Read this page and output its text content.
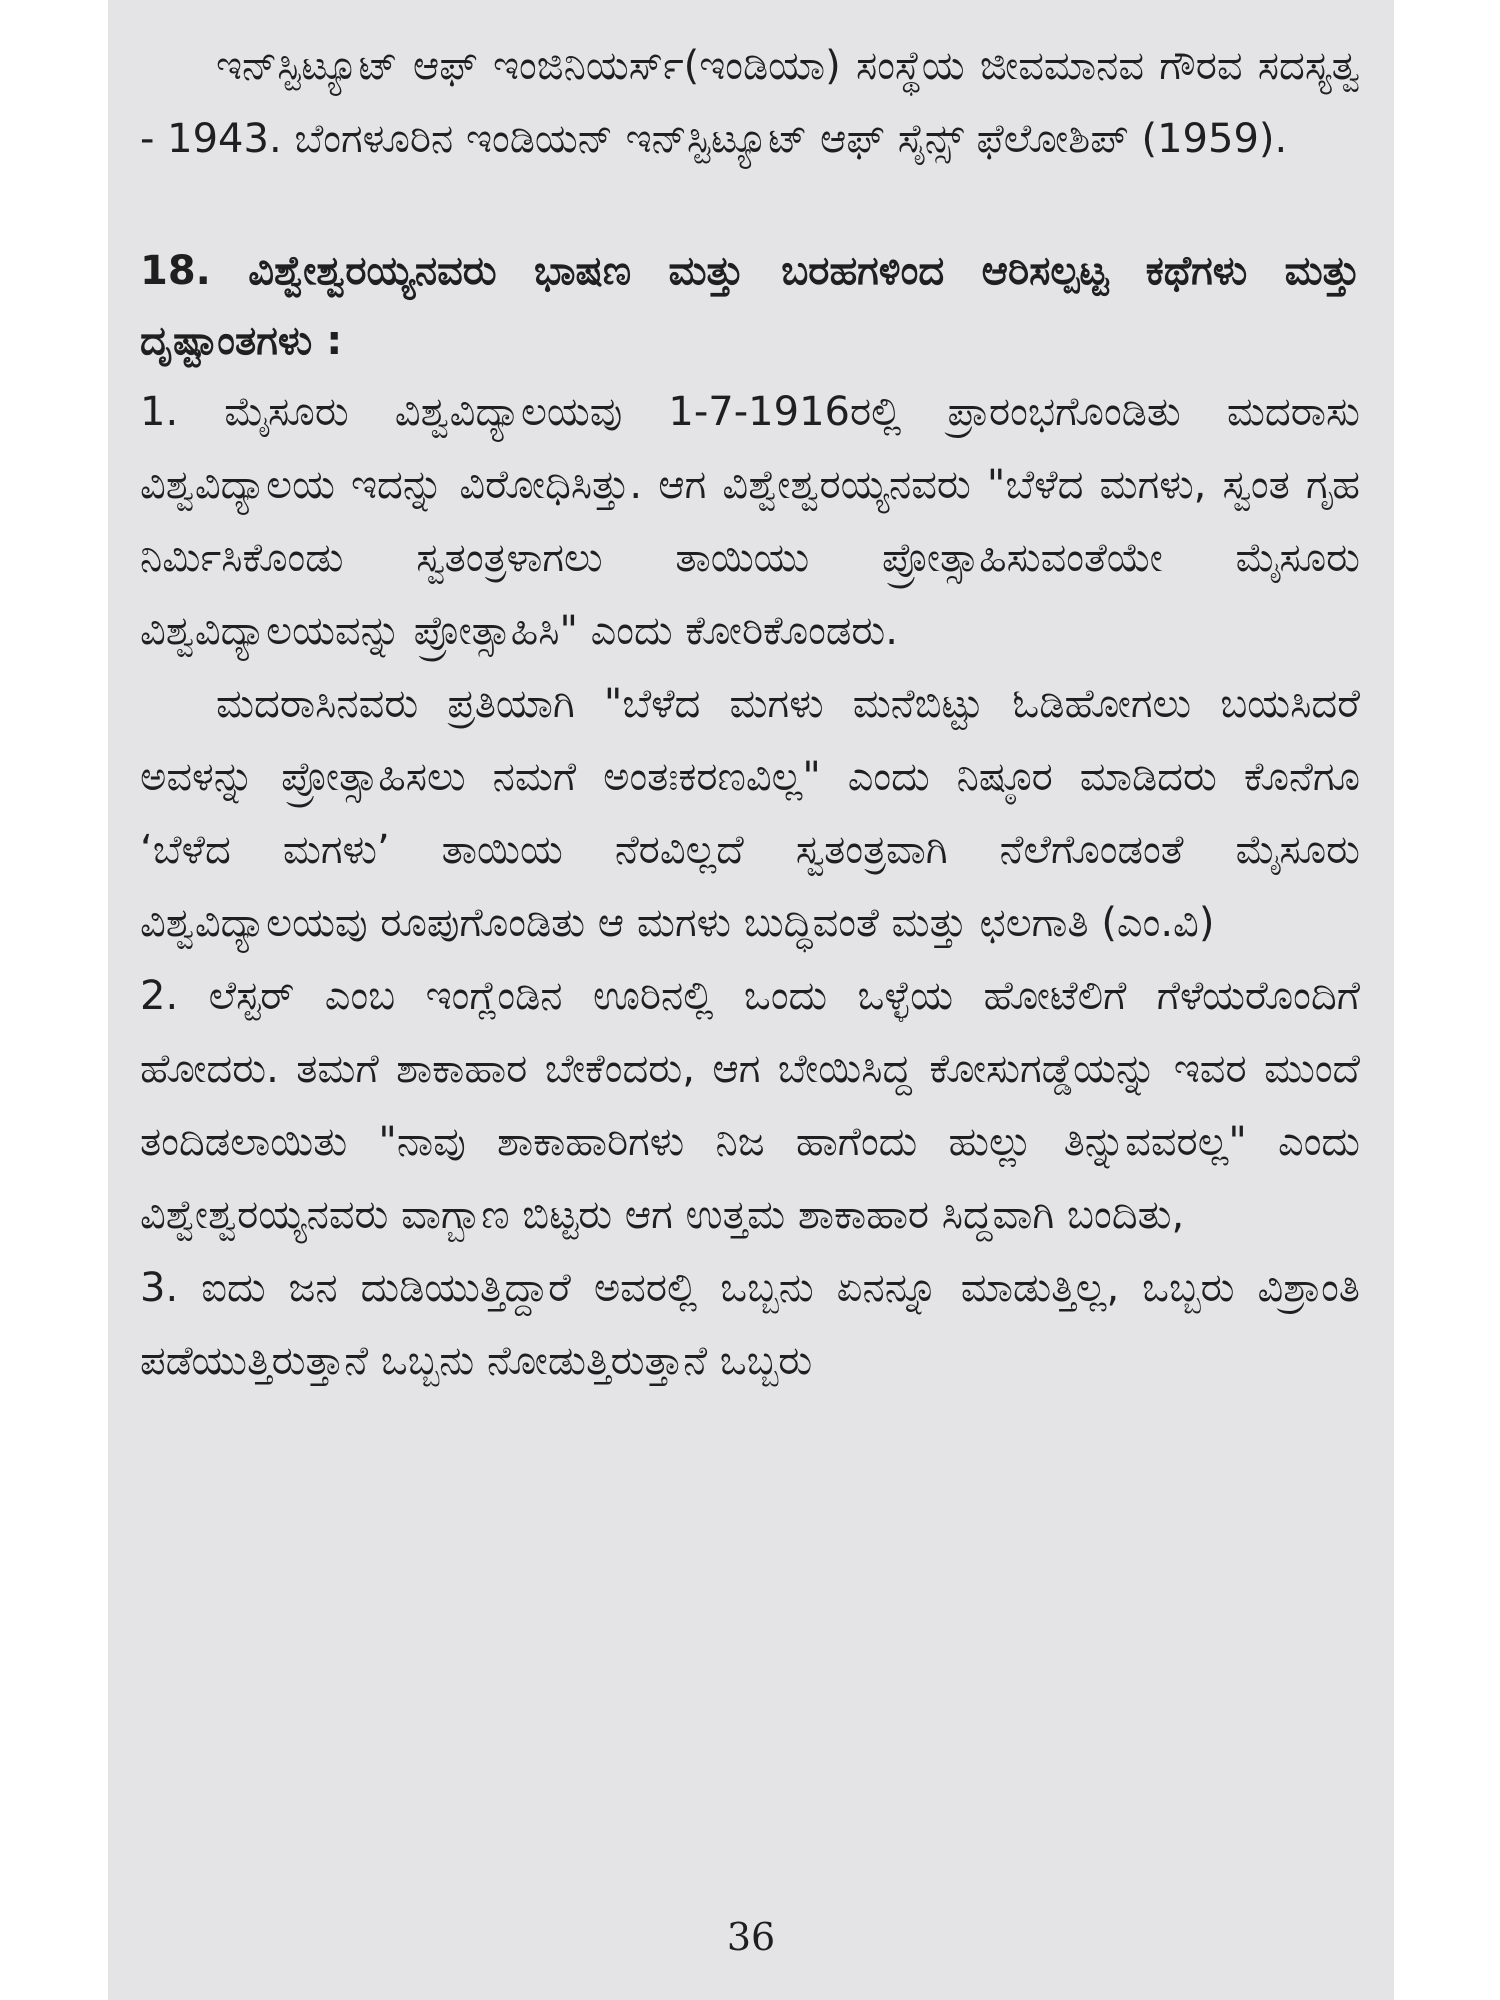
ಇನ್‌ಸ್ಟಿಟ್ಯೂಟ್ ಆಫ್ ಇಂಜಿನಿಯರ್ಸ್(ಇಂಡಿಯಾ) ಸಂಸ್ಥೆಯ ಜೀವಮಾನವ ಗೌರವ ಸದಸ್ಯತ್ವ - 1943. ಬೆಂಗಳೂರಿನ ಇಂಡಿಯನ್ ಇನ್‌ಸ್ಟಿಟ್ಯೂಟ್ ಆಫ್ ಸೈನ್ಸ್ ಫೆಲೋಶಿಪ್ (1959).

18. ವಿಶ್ವೇಶ್ವರಯ್ಯನವರು ಭಾಷಣ ಮತ್ತು ಬರಹಗಳಿಂದ ಆರಿಸಲ್ಪಟ್ಟ ಕಥೆಗಳು ಮತ್ತು ದೃಷ್ಟಾಂತಗಳು :

1. ಮೈಸೂರು ವಿಶ್ವವಿದ್ಯಾಲಯವು 1-7-1916ರಲ್ಲಿ ಪ್ರಾರಂಭಗೊಂಡಿತು ಮದರಾಸು ವಿಶ್ವವಿದ್ಯಾಲಯ ಇದನ್ನು ವಿರೋಧಿಸಿತ್ತು. ಆಗ ವಿಶ್ವೇಶ್ವರಯ್ಯನವರು "ಬೆಳೆದ ಮಗಳು, ಸ್ವಂತ ಗೃಹ ನಿರ್ಮಿಸಿಕೊಂಡು ಸ್ವತಂತ್ರಳಾಗಲು ತಾಯಿಯು ಪ್ರೋತ್ಸಾಹಿಸುವಂತೆಯೇ ಮೈಸೂರು ವಿಶ್ವವಿದ್ಯಾಲಯವನ್ನು ಪ್ರೋತ್ಸಾಹಿಸಿ" ಎಂದು ಕೋರಿಕೊಂಡರು.

ಮದರಾಸಿನವರು ಪ್ರತಿಯಾಗಿ "ಬೆಳೆದ ಮಗಳು ಮನೆಬಿಟ್ಟು ಓಡಿಹೋಗಲು ಬಯಸಿದರೆ ಅವಳನ್ನು ಪ್ರೋತ್ಸಾಹಿಸಲು ನಮಗೆ ಅಂತಃಕರಣವಿಲ್ಲ" ಎಂದು ನಿಷ್ಠೂರ ಮಾಡಿದರು ಕೊನೆಗೂ ‘ಬೆಳೆದ ಮಗಳು’ ತಾಯಿಯ ನೆರವಿಲ್ಲದೆ ಸ್ವತಂತ್ರವಾಗಿ ನೆಲೆಗೊಂಡಂತೆ ಮೈಸೂರು ವಿಶ್ವವಿದ್ಯಾಲಯವು ರೂಪುಗೊಂಡಿತು ಆ ಮಗಳು ಬುದ್ಧಿವಂತೆ ಮತ್ತು ಛಲಗಾತಿ (ಎಂ.ವಿ)

2. ಲೆಸ್ಟರ್ ಎಂಬ ಇಂಗ್ಲೆಂಡಿನ ಊರಿನಲ್ಲಿ ಒಂದು ಒಳ್ಳೆಯ ಹೋಟೆಲಿಗೆ ಗೆಳೆಯರೊಂದಿಗೆ ಹೋದರು. ತಮಗೆ ಶಾಕಾಹಾರ ಬೇಕೆಂದರು, ಆಗ ಬೇಯಿಸಿದ್ದ ಕೋಸುಗಡ್ಡೆಯನ್ನು ಇವರ ಮುಂದೆ ತಂದಿಡಲಾಯಿತು "ನಾವು ಶಾಕಾಹಾರಿಗಳು ನಿಜ ಹಾಗೆಂದು ಹುಲ್ಲು ತಿನ್ನುವವರಲ್ಲ" ಎಂದು ವಿಶ್ವೇಶ್ವರಯ್ಯನವರು ವಾಗ್ಬಾಣ ಬಿಟ್ಟರು ಆಗ ಉತ್ತಮ ಶಾಕಾಹಾರ ಸಿದ್ದವಾಗಿ ಬಂದಿತು,

3. ಐದು ಜನ ದುಡಿಯುತ್ತಿದ್ದಾರೆ ಅವರಲ್ಲಿ ಒಬ್ಬನು ಏನನ್ನೂ ಮಾಡುತ್ತಿಲ್ಲ, ಒಬ್ಬರು ವಿಶ್ರಾಂತಿ ಪಡೆಯುತ್ತಿರುತ್ತಾನೆ ಒಬ್ಬನು ನೋಡುತ್ತಿರುತ್ತಾನೆ ಒಬ್ಬರು

36
